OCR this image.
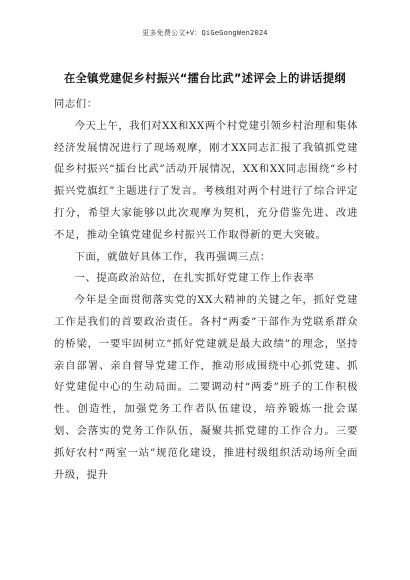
更多免费公文+V：QiGeGongWen2024
在全镇党建促乡村振兴“擂台比武”述评会上的讲话提纲

同志们：

今天上午，我们对XX和XX两个村党建引领乡村治理和集体经济发展情况进行了现场观摩，刚才XX同志汇报了我镇抓党建促乡村振兴“擂台比武”活动开展情况，XX和XX同志围绕“乡村振兴党旗红”主题进行了发言。考核组对两个村进行了综合评定打分，希望大家能够以此次观摩为契机，充分借鉴先进、改进不足，推动全镇党建促乡村振兴工作取得新的更大突破。

下面，就做好具体工作，我再强调三点：

一、提高政治站位，在扎实抓好党建工作上作表率

今年是全面贯彻落实党的XX大精神的关键之年，抓好党建工作是我们的首要政治责任。各村“两委”干部作为党联系群众的桥梁，一要牢固树立“抓好党建就是最大政绩”的理念，坚持亲自部署、亲自督导党建工作，推动形成围绕中心抓党建、抓好党建促中心的生动局面。二要调动村“两委”班子的工作积极性、创造性，加强党务工作者队伍建设，培养锻炼一批会谋划、会落实的党务工作队伍，凝聚共抓党建的工作合力。三要抓好农村“两室一站”规范化建设，推进村级组织活动场所全面升级，提升
